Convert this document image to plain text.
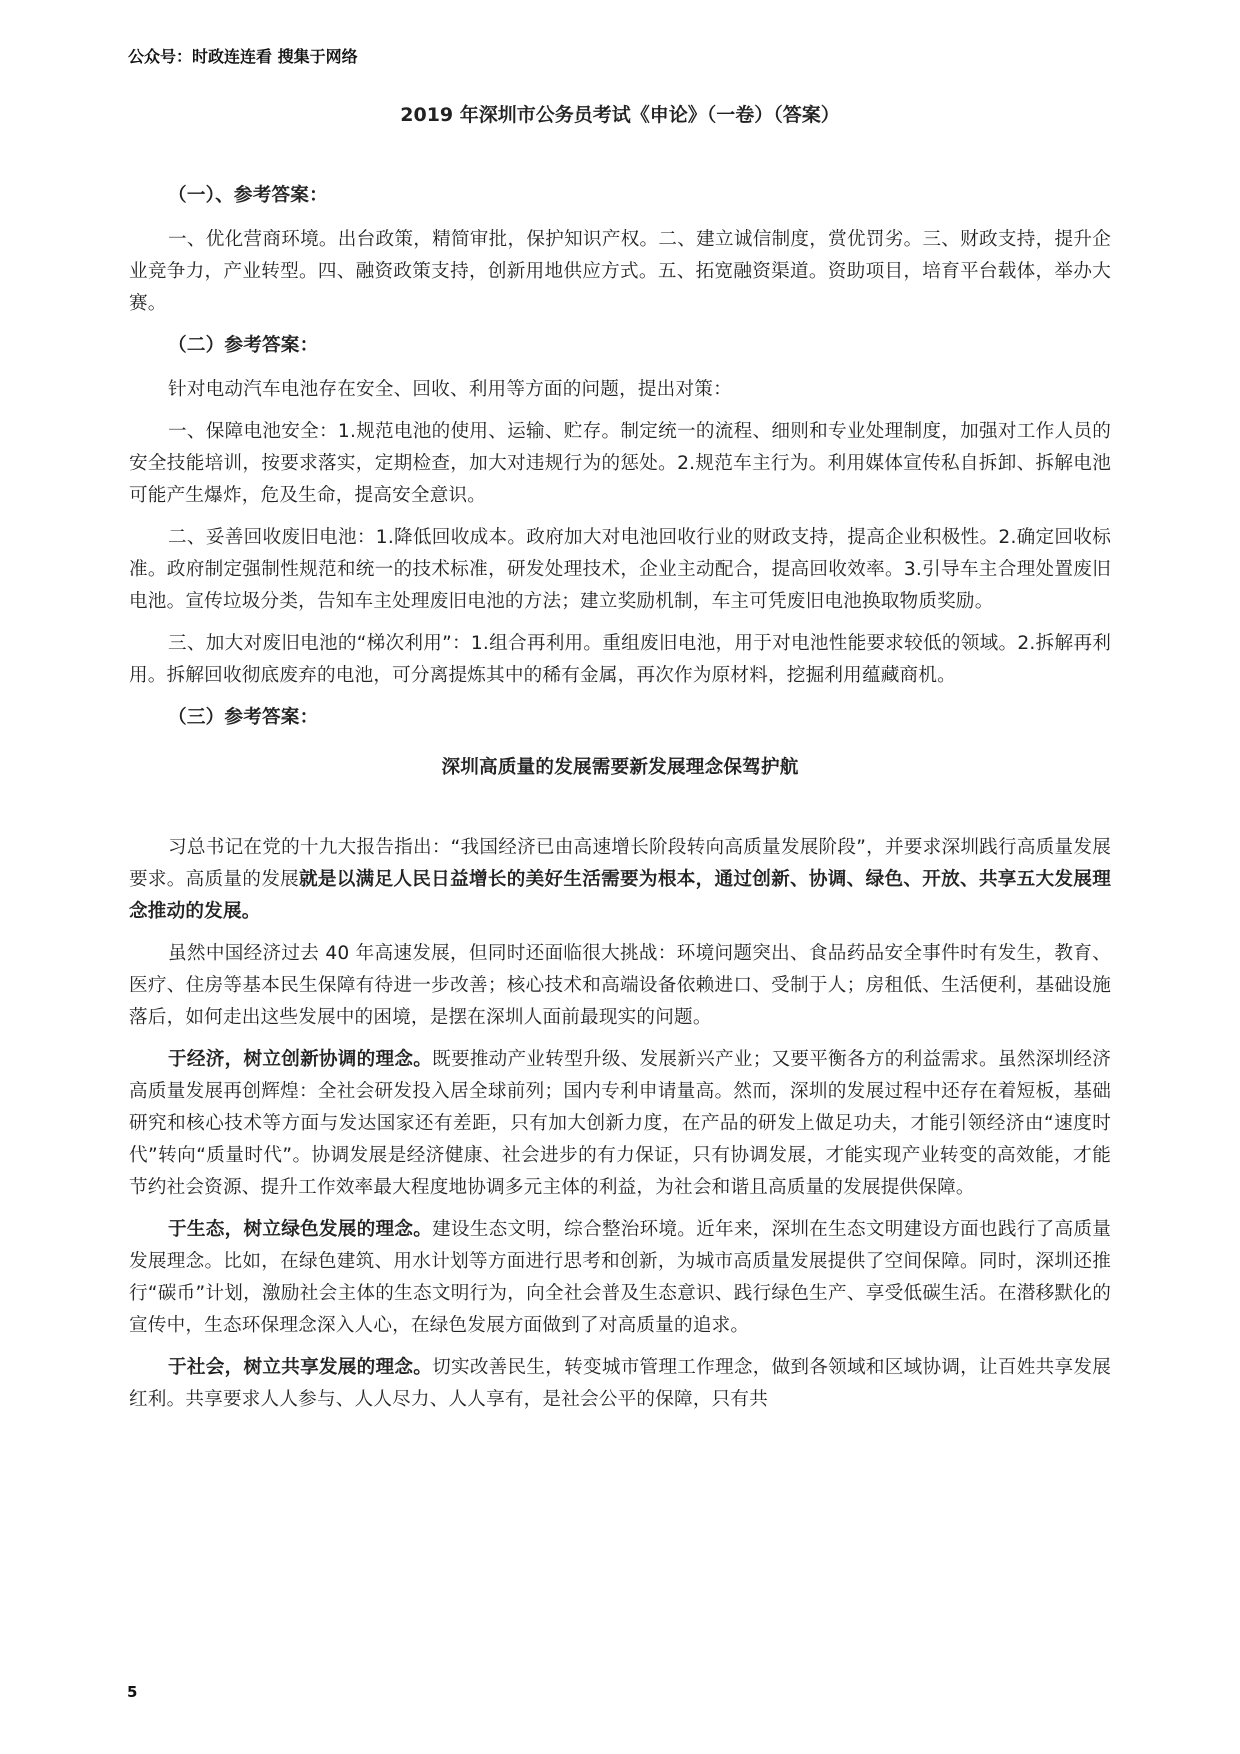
公众号：时政连连看 搜集于网络
2019 年深圳市公务员考试《申论》（一卷）（答案）

（一）、参考答案：

一、优化营商环境。出台政策，精简审批，保护知识产权。二、建立诚信制度，赏优罚劣。三、财政支持，提升企业竞争力，产业转型。四、融资政策支持，创新用地供应方式。五、拓宽融资渠道。资助项目，培育平台载体，举办大赛。

（二）参考答案：

针对电动汽车电池存在安全、回收、利用等方面的问题，提出对策：

一、保障电池安全：1.规范电池的使用、运输、贮存。制定统一的流程、细则和专业处理制度，加强对工作人员的安全技能培训，按要求落实，定期检查，加大对违规行为的惩处。2.规范车主行为。利用媒体宣传私自拆卸、拆解电池可能产生爆炸，危及生命，提高安全意识。

二、妥善回收废旧电池：1.降低回收成本。政府加大对电池回收行业的财政支持，提高企业积极性。2.确定回收标准。政府制定强制性规范和统一的技术标准，研发处理技术，企业主动配合，提高回收效率。3.引导车主合理处置废旧电池。宣传垃圾分类，告知车主处理废旧电池的方法；建立奖励机制，车主可凭废旧电池换取物质奖励。

三、加大对废旧电池的“梯次利用”：1.组合再利用。重组废旧电池，用于对电池性能要求较低的领域。2.拆解再利用。拆解回收彻底废弃的电池，可分离提炼其中的稀有金属，再次作为原材料，挖掘利用蕴藏商机。

（三）参考答案：

深圳高质量的发展需要新发展理念保驾护航

习总书记在党的十九大报告指出：“我国经济已由高速增长阶段转向高质量发展阶段”，并要求深圳践行高质量发展要求。高质量的发展就是以满足人民日益增长的美好生活需要为根本，通过创新、协调、绿色、开放、共享五大发展理念推动的发展。

虽然中国经济过去 40 年高速发展，但同时还面临很大挑战：环境问题突出、食品药品安全事件时有发生，教育、医疗、住房等基本民生保障有待进一步改善；核心技术和高端设备依赖进口、受制于人；房租低、生活便利，基础设施落后，如何走出这些发展中的困境，是摆在深圳人面前最现实的问题。

于经济，树立创新协调的理念。既要推动产业转型升级、发展新兴产业；又要平衡各方的利益需求。虽然深圳经济高质量发展再创辉煌：全社会研发投入居全球前列；国内专利申请量高。然而，深圳的发展过程中还存在着短板，基础研究和核心技术等方面与发达国家还有差距，只有加大创新力度，在产品的研发上做足功夫，才能引领经济由“速度时代”转向“质量时代”。协调发展是经济健康、社会进步的有力保证，只有协调发展，才能实现产业转变的高效能，才能节约社会资源、提升工作效率最大程度地协调多元主体的利益，为社会和谐且高质量的发展提供保障。

于生态，树立绿色发展的理念。建设生态文明，综合整治环境。近年来，深圳在生态文明建设方面也践行了高质量发展理念。比如，在绿色建筑、用水计划等方面进行思考和创新，为城市高质量发展提供了空间保障。同时，深圳还推行“碳币”计划，激励社会主体的生态文明行为，向全社会普及生态意识、践行绿色生产、享受低碳生活。在潜移默化的宣传中，生态环保理念深入人心，在绿色发展方面做到了对高质量的追求。

于社会，树立共享发展的理念。切实改善民生，转变城市管理工作理念，做到各领域和区域协调，让百姓共享发展红利。共享要求人人参与、人人尽力、人人享有，是社会公平的保障，只有共

5
